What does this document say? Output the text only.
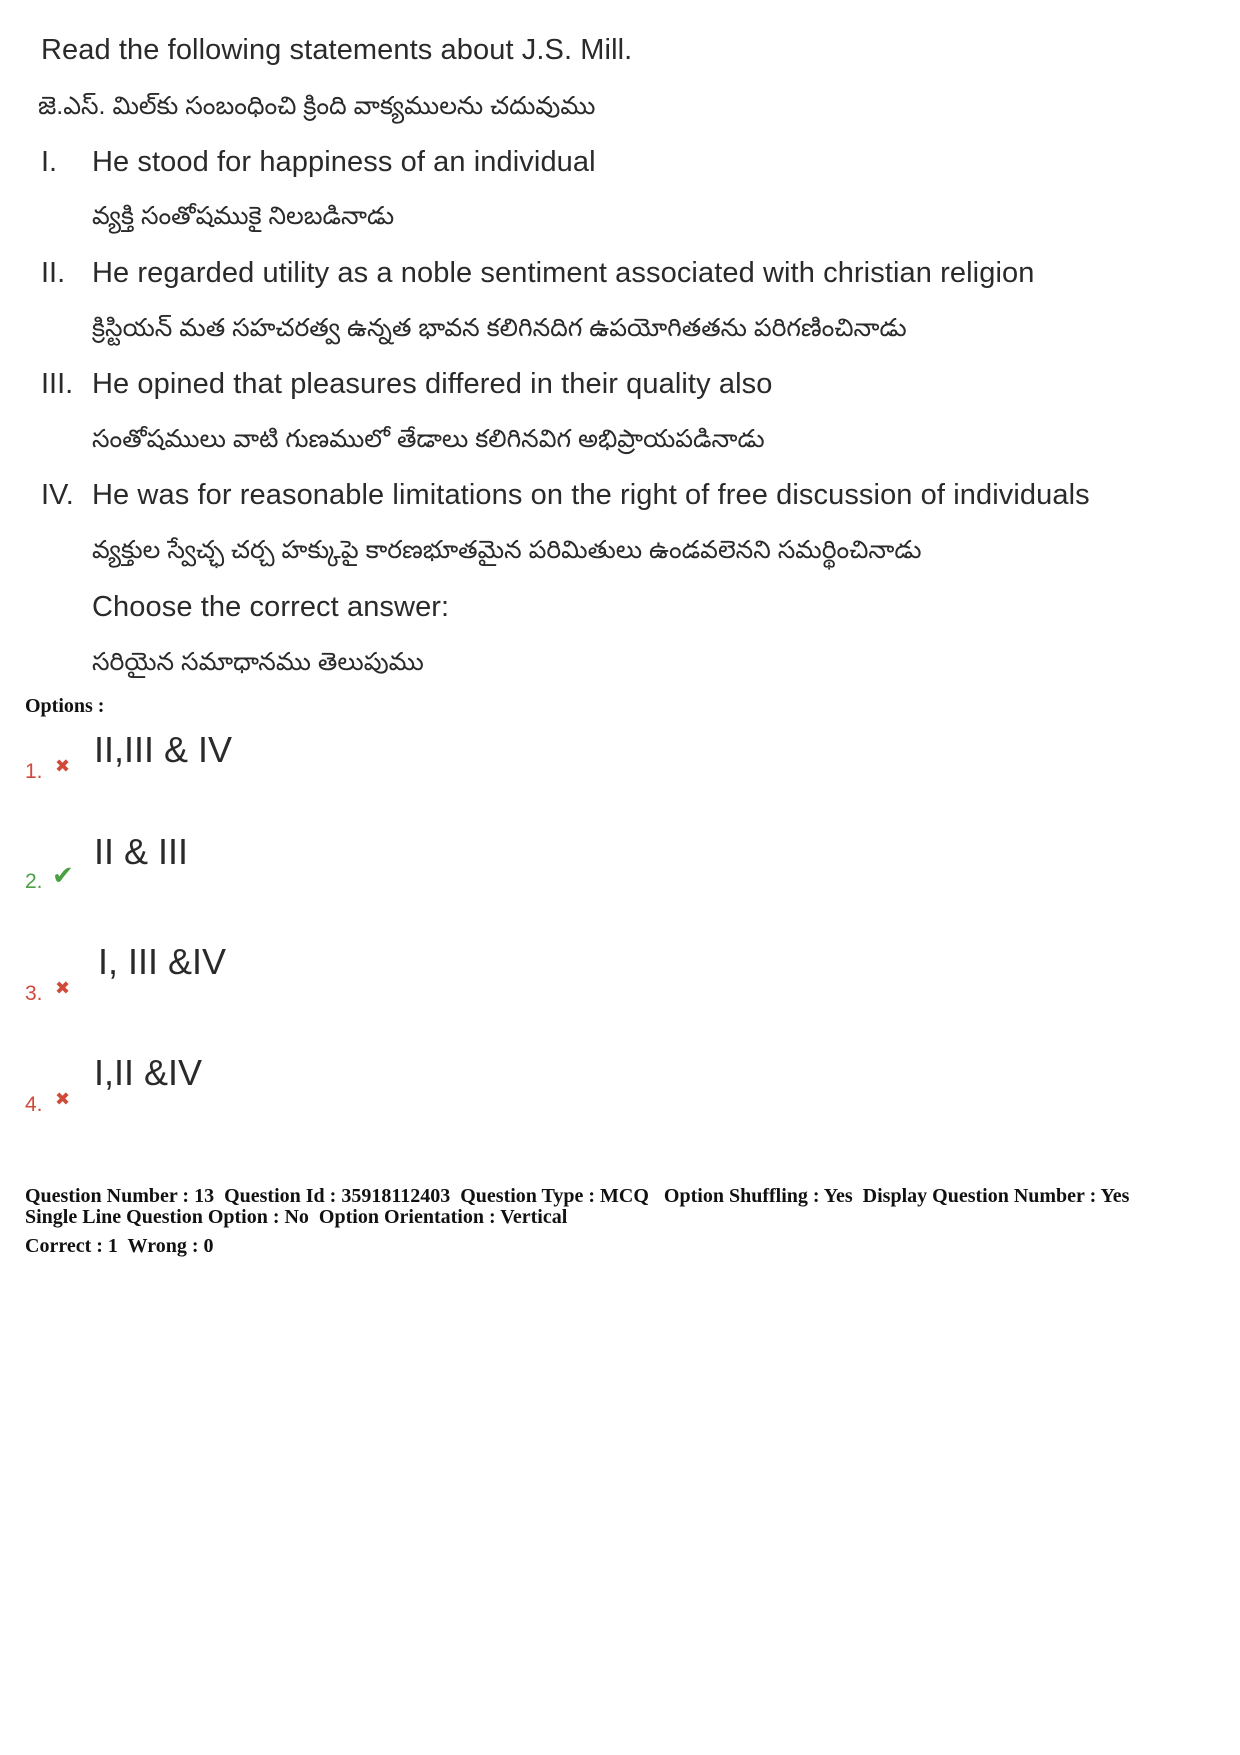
Read the following statements about J.S. Mill.
జె.ఎస్. మిల్‌కు సంబంధించి క్రింది వాక్యములను చదువుము
I. He stood for happiness of an individual
వ్యక్తి సంతోషముకై నిలబడినాడు
II. He regarded utility as a noble sentiment associated with christian religion
క్రిస్టియన్ మత సహచరత్వ ఉన్నత భావన కలిగినదిగ ఉపయోగితతను పరిగణించినాడు
III. He opined that pleasures differed in their quality also
సంతోషములు వాటి గుణములో తేడాలు కలిగినవిగ అభిప్రాయపడినాడు
IV. He was for reasonable limitations on the right of free discussion of individuals
వ్యక్తుల స్వేచ్ఛ చర్చ హక్కుపై కారణభూతమైన పరిమితులు ఉండవలెనని సమర్థించినాడు
Choose the correct answer:
సరియైన సమాధానము తెలుపుము
Options :
1. ✖ II,III & IV
2. ✔
II & III
3. ✖
I, III &IV
4. ✖
I,II &IV
Question Number : 13  Question Id : 35918112403  Question Type : MCQ   Option Shuffling : Yes  Display Question Number : Yes
Single Line Question Option : No  Option Orientation : Vertical
Correct : 1  Wrong : 0
